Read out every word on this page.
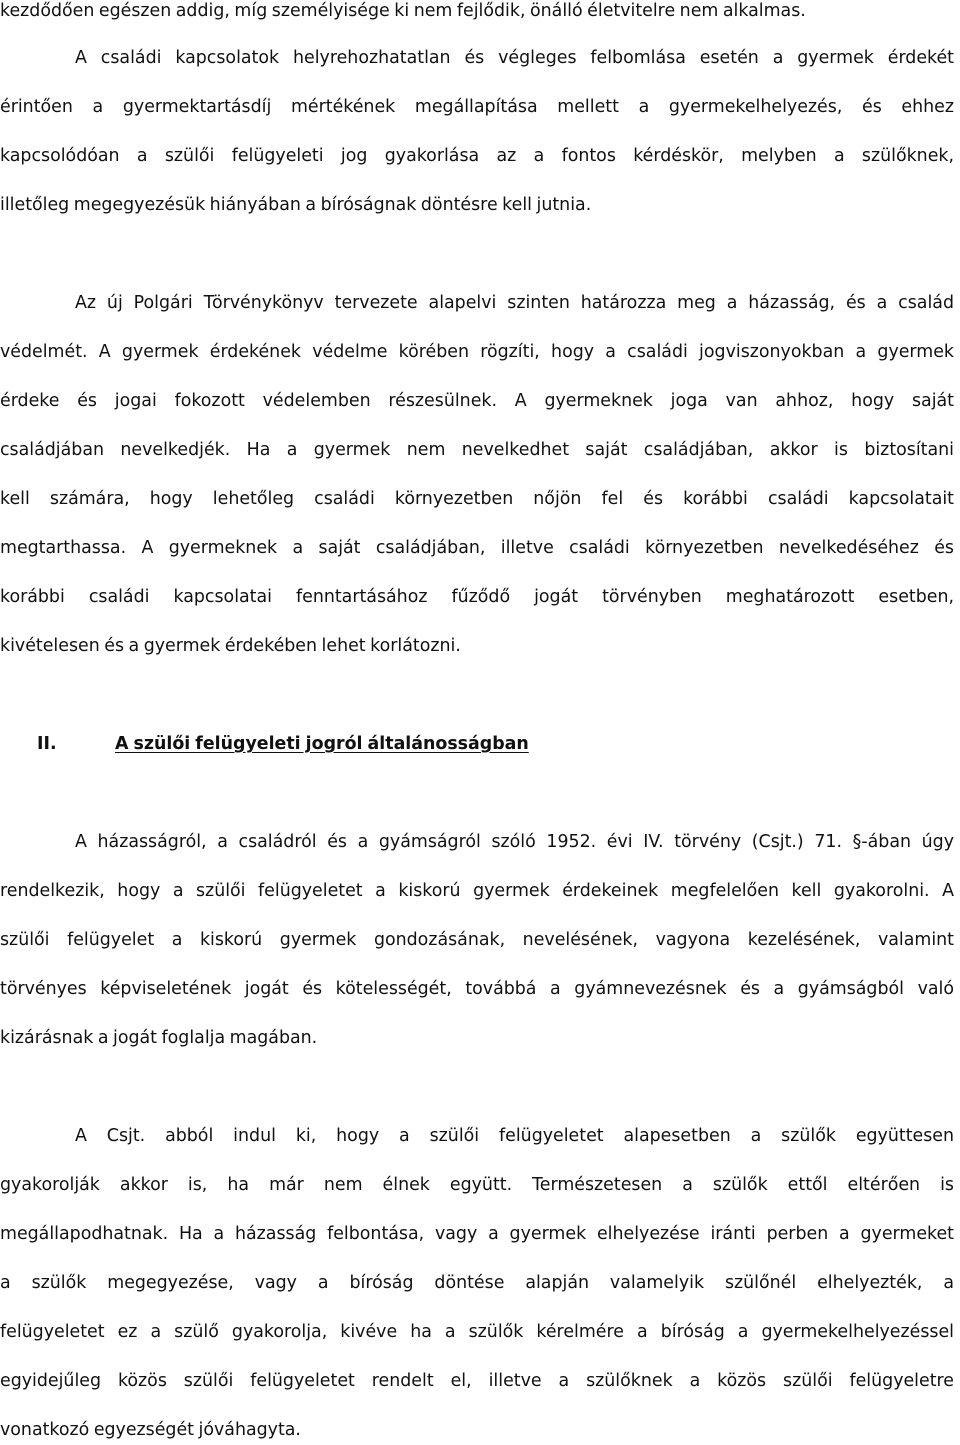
kezdődően egészen addig, míg személyisége ki nem fejlődik, önálló életvitelre nem alkalmas.
A családi kapcsolatok helyrehozhatatlan és végleges felbomlása esetén a gyermek érdekét
érintően a gyermektartásdíj mértékének megállapítása mellett a gyermekelhelyezés, és ehhez
kapcsolódóan a szülői felügyeleti jog gyakorlása az a fontos kérdéskör, melyben a szülőknek,
illetőleg megegyezésük hiányában a bíróságnak döntésre kell jutnia.
Az új Polgári Törvénykönyv tervezete alapelvi szinten határozza meg a házasság, és a család
védelmét. A gyermek érdekének védelme körében rögzíti, hogy a családi jogviszonyokban a gyermek
érdeke és jogai fokozott védelemben részesülnek. A gyermeknek joga van ahhoz, hogy saját
családjában nevelkedjék. Ha a gyermek nem nevelkedhet saját családjában, akkor is biztosítani
kell számára, hogy lehetőleg családi környezetben nőjön fel és korábbi családi kapcsolatait
megtarthassa. A gyermeknek a saját családjában, illetve családi környezetben nevelkedéséhez és
korábbi családi kapcsolatai fenntartásához fűződő jogát törvényben meghatározott esetben,
kivételesen és a gyermek érdekében lehet korlátozni.
II.	A szülői felügyeleti jogról általánosságban
A házasságról, a családról és a gyámságról szóló 1952. évi IV. törvény (Csjt.) 71. §-ában úgy
rendelkezik, hogy a szülői felügyeletet a kiskorú gyermek érdekeinek megfelelően kell gyakorolni. A
szülői felügyelet a kiskorú gyermek gondozásának, nevelésének, vagyona kezelésének, valamint
törvényes képviseletének jogát és kötelességét, továbbá a gyámnevezésnek és a gyámságból való
kizárásnak a jogát foglalja magában.
A Csjt. abból indul ki, hogy a szülői felügyeletet alapesetben a szülők együttesen
gyakorolják akkor is, ha már nem élnek együtt. Természetesen a szülők ettől eltérően is
megállapodhatnak. Ha a házasság felbontása, vagy a gyermek elhelyezése iránti perben a gyermeket
a szülők megegyezése, vagy a bíróság döntése alapján valamelyik szülőnél elhelyezték, a
felügyeletet ez a szülő gyakorolja, kivéve ha a szülők kérelmére a bíróság a gyermekelhelyezéssel
egyidejűleg közös szülői felügyeletet rendelt el, illetve a szülőknek a közös szülői felügyeletre
vonatkozó egyezségét jóváhagyta.
